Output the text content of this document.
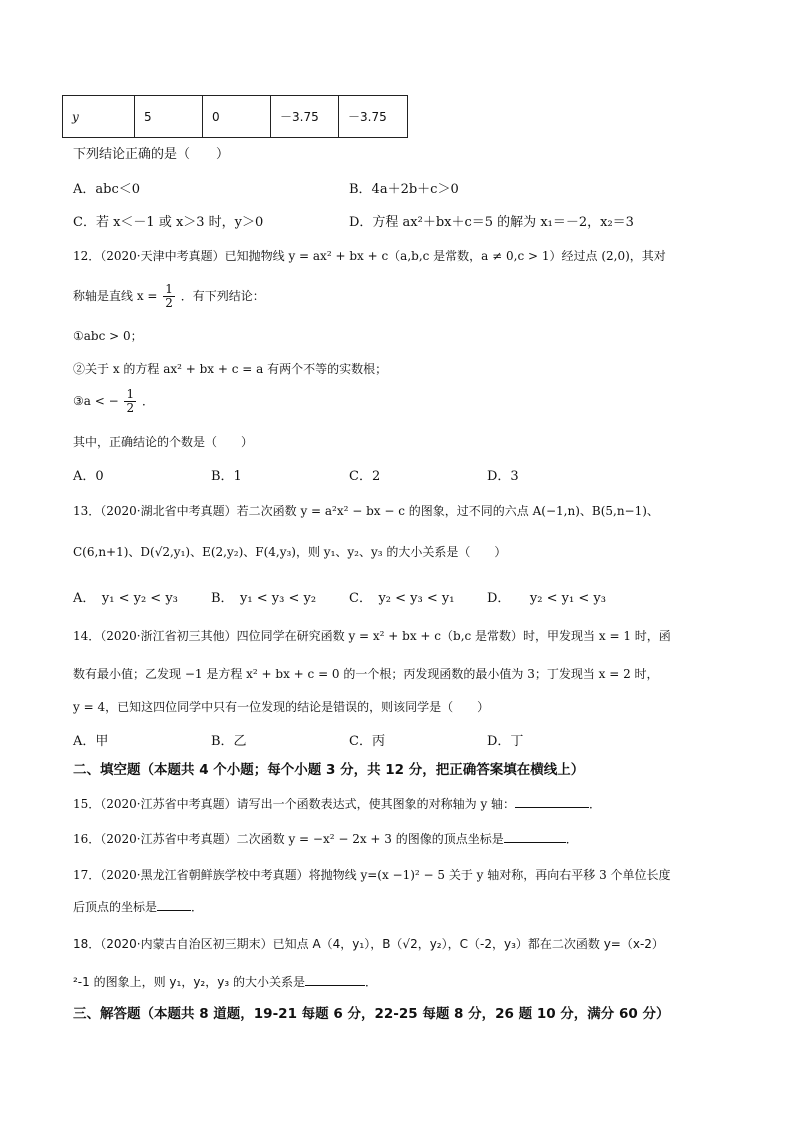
y	5	0	－3.75	－3.75
下列结论正确的是（　　）
A．abc＜0	B．4a＋2b＋c＞0
C．若 x＜－1 或 x＞3 时，y＞0	D．方程 ax²＋bx＋c＝5 的解为 x₁＝－2，x₂＝3
12．（2020·天津中考真题）已知抛物线 y = ax² + bx + c（a,b,c 是常数，a ≠ 0,c > 1）经过点 (2,0)，其对
称轴是直线 $x = \frac{1}{2}$ ．有下列结论：
①abc > 0；
②关于 x 的方程 ax² + bx + c = a 有两个不等的实数根；
③a < − $\frac{1}{2}$ ．
其中，正确结论的个数是（　　）
A．0	B．1	C．2	D．3
13．（2020·湖北省中考真题）若二次函数 y = a²x² − bx − c 的图象，过不同的六点 A(−1,n)、B(5,n−1)、
C(6,n+1)、D(√2,y₁)、E(2,y₂)、F(4,y₃)，则 y₁、y₂、y₃ 的大小关系是（　　）
A．　y₁ < y₂ < y₃	B．　y₁ < y₃ < y₂	C．　y₂ < y₃ < y₁	D．　　y₂ < y₁ < y₃
14．（2020·浙江省初三其他）四位同学在研究函数 y = x² + bx + c（b,c 是常数）时，甲发现当 x = 1 时，函
数有最小值；乙发现 −1 是方程 x² + bx + c = 0 的一个根；丙发现函数的最小值为 3；丁发现当 x = 2 时，
y = 4，已知这四位同学中只有一位发现的结论是错误的，则该同学是（　　）
A．甲	B．乙	C．丙	D．丁
二、填空题（本题共 4 个小题；每个小题 3 分，共 12 分，把正确答案填在横线上）
15．（2020·江苏省中考真题）请写出一个函数表达式，使其图象的对称轴为 y 轴：	．
16．（2020·江苏省中考真题）二次函数 y = −x² − 2x + 3 的图像的顶点坐标是	．
17．（2020·黑龙江省朝鲜族学校中考真题）将抛物线 y=(x −1)² − 5 关于 y 轴对称，再向右平移 3 个单位长度
后顶点的坐标是	．
18．（2020·内蒙古自治区初三期末）已知点 A（4，y₁），B（√2，y₂），C（-2，y₃）都在二次函数 y=（x-2）
²-1 的图象上，则 y₁，y₂，y₃ 的大小关系是	．
三、解答题（本题共 8 道题，19-21 每题 6 分，22-25 每题 8 分，26 题 10 分，满分 60 分）
